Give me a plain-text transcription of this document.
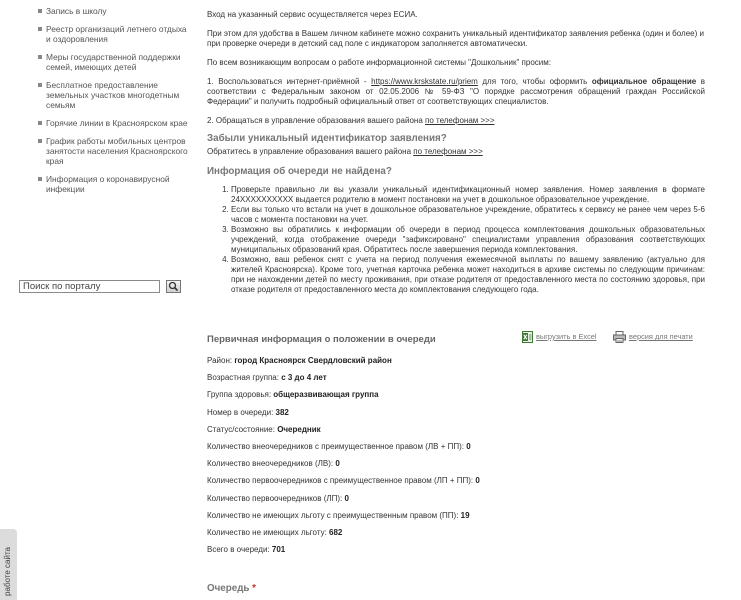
Запись в школу
Реестр организаций летнего отдыха и оздоровления
Меры государственной поддержки семей, имеющих детей
Бесплатное предоставление земельных участков многодетным семьям
Горячие линии в Красноярском крае
График работы мобильных центров занятости населения Красноярского края
Информация о коронавирусной инфекции
Поиск по порталу
работе сайта

Вход на указанный сервис осуществляется через ЕСИА.

При этом для удобства в Вашем личном кабинете можно сохранить уникальный идентификатор заявления ребенка (один и более) и при проверке очереди в детский сад поле с индикатором заполняется автоматически.

По всем возникающим вопросам о работе информационной системы "Дошкольник" просим:

1. Воспользоваться интернет-приёмной - https://www.krskstate.ru/priem для того, чтобы оформить официальное обращение в соответствии с Федеральным законом от 02.05.2006 № 59-ФЗ "О порядке рассмотрения обращений граждан Российской Федерации" и получить подробный официальный ответ от соответствующих специалистов.

2. Обращаться в управление образования вашего района по телефонам >>>

Забыли уникальный идентификатор заявления?

Обратитесь в управление образования вашего района по телефонам >>>

Информация об очереди не найдена?

1. Проверьте правильно ли вы указали уникальный идентификационный номер заявления. Номер заявления в формате 24ХХХХХХХХХХ выдается родителю в момент постановки на учет в дошкольное образовательное учреждение.
2. Если вы только что встали на учет в дошкольное образовательное учреждение, обратитесь к сервису не ранее чем через 5-6 часов с момента постановки на учет.
3. Возможно вы обратились к информации об очереди в период процесса комплектования дошкольных образовательных учреждений, когда отображение очереди "зафиксировано" специалистами управления образования соответствующих муниципальных образований края. Обратитесь после завершения периода комплектования.
4. Возможно, ваш ребенок снят с учета на период получения ежемесячной выплаты по вашему заявлению (актуально для жителей Красноярска). Кроме того, учетная карточка ребенка может находиться в архиве системы по следующим причинам: при не нахождении детей по месту проживания, при отказе родителя от предоставленного места по состоянию здоровья, при отказе родителя от предоставленного места до комплектования следующего года.
Первичная информация о положении в очереди	выгрузить в Excel	версия для печати
Район: город Красноярск Свердловский район
Возрастная группа: с 3 до 4 лет
Группа здоровья: общеразвивающая группа
Номер в очереди: 382
Статус/состояние: Очередник
Количество внеочередников с преимущественное правом (ЛВ + ПП): 0
Количество внеочередников (ЛВ): 0
Количество первоочередников с преимущественное правом (ЛП + ПП): 0
Количество первоочередников (ЛП): 0
Количество не имеющих льготу с преимущественным правом (ПП): 19
Количество не имеющих льготу: 682
Всего в очереди: 701
Очередь *
